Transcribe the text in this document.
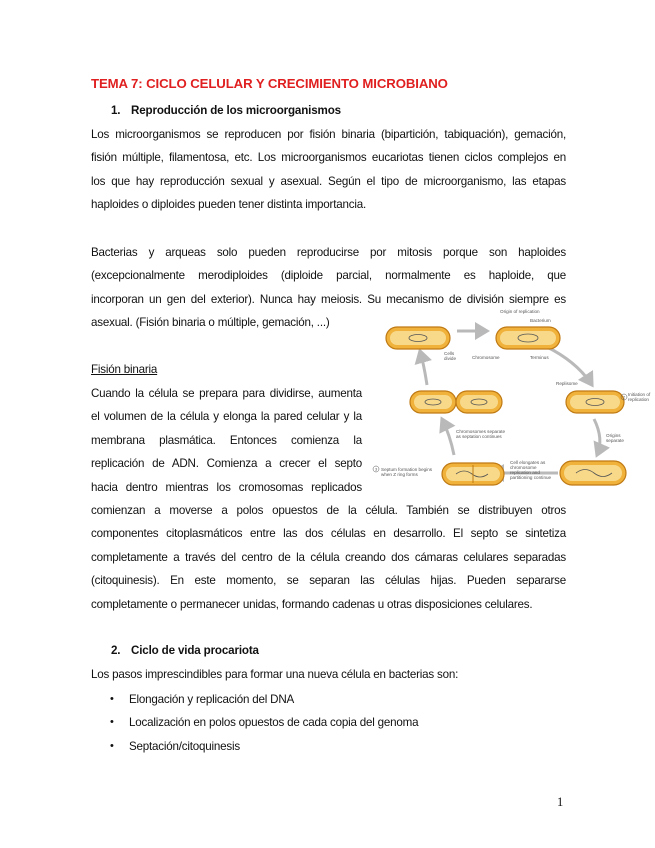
TEMA 7: CICLO CELULAR Y CRECIMIENTO MICROBIANO
1. Reproducción de los microorganismos
Los microorganismos se reproducen por fisión binaria (bipartición, tabiquación), gemación,
fisión múltiple, filamentosa, etc. Los microorganismos eucariotas tienen ciclos complejos en
los que hay reproducción sexual y asexual. Según el tipo de microorganismo, las etapas
haploides o diploides pueden tener distinta importancia.
Bacterias y arqueas solo pueden reproducirse por mitosis porque son haploides
(excepcionalmente merodiploides (diploide parcial, normalmente es haploide, que
incorporan un gen del exterior). Nunca hay meiosis. Su mecanismo de división siempre es
asexual. (Fisión binaria o múltiple, gemación, ...)
Fisión binaria
Cuando la célula se prepara para dividirse, aumenta
el volumen de la célula y elonga la pared celular y la
membrana plasmática. Entonces comienza la
replicación de ADN. Comienza a crecer el septo
hacia dentro mientras los cromosomas replicados
comienzan a moverse a polos opuestos de la célula. También se distribuyen otros
componentes citoplasmáticos entre las dos células en desarrollo. El septo se sintetiza
completamente a través del centro de la célula creando dos cámaras celulares separadas
(citoquinesis). En este momento, se separan las células hijas. Pueden separarse
completamente o permanecer unidas, formando cadenas u otras disposiciones celulares.
Origin of replication
Bacterium
Cells
divide	Chromosome	Terminus
Replisome
2
Initiation of
replication
Origins
separate
Chromosomes separate
as septation continues
3 Septum formation begins
when Z ring forms
Cell elongates as
chromosome
replication and
partitioning continue
2. Ciclo de vida procariota
Los pasos imprescindibles para formar una nueva célula en bacterias son:
• Elongación y replicación del DNA
• Localización en polos opuestos de cada copia del genoma
• Septación/citoquinesis
1
